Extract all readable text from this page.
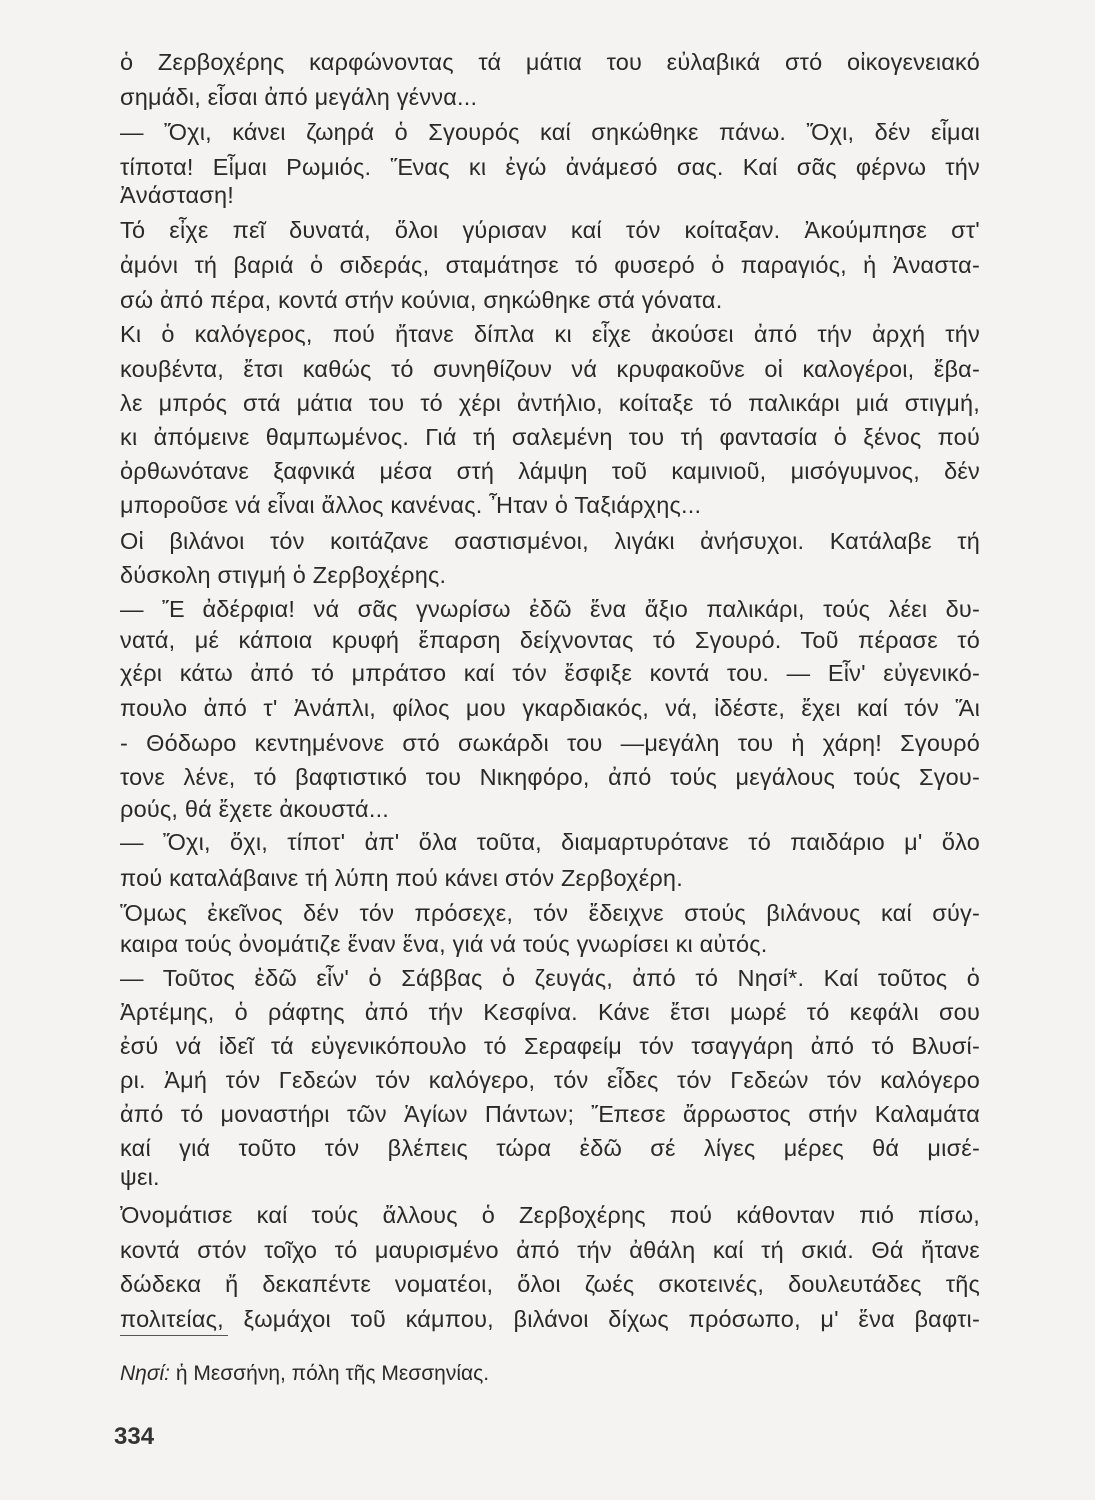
ὁ Ζερβοχέρης καρφώνοντας τά μάτια του εὐλαβικά στό οἰκογενειακό
σημάδι, εἶσαι ἀπό μεγάλη γέννα...
— Ὄχι, κάνει ζωηρά ὁ Σγουρός καί σηκώθηκε πάνω. Ὄχι, δέν εἶμαι
τίποτα! Εἶμαι Ρωμιός. Ἕνας κι ἐγώ ἀνάμεσό σας. Καί σᾶς φέρνω τήν
Ἀνάσταση!
Τό εἶχε πεῖ δυνατά, ὅλοι γύρισαν καί τόν κοίταξαν. Ἀκούμπησε στ'
ἀμόνι τή βαριά ὁ σιδεράς, σταμάτησε τό φυσερό ὁ παραγιός, ἡ Ἀναστα-
σώ ἀπό πέρα, κοντά στήν κούνια, σηκώθηκε στά γόνατα.
Κι ὁ καλόγερος, πού ἤτανε δίπλα κι εἶχε ἀκούσει ἀπό τήν ἀρχή τήν
κουβέντα, ἔτσι καθώς τό συνηθίζουν νά κρυφακοῦνε οἱ καλογέροι, ἔβα-
λε μπρός στά μάτια του τό χέρι ἀντήλιο, κοίταξε τό παλικάρι μιά στιγμή,
κι ἀπόμεινε θαμπωμένος. Γιά τή σαλεμένη του τή φαντασία ὁ ξένος πού
ὀρθωνότανε ξαφνικά μέσα στή λάμψη τοῦ καμινιοῦ, μισόγυμνος, δέν
μποροῦσε νά εἶναι ἄλλος κανένας. Ἦταν ὁ Ταξιάρχης...
Οἱ βιλάνοι τόν κοιτάζανε σαστισμένοι, λιγάκι ἀνήσυχοι. Κατάλαβε τή
δύσκολη στιγμή ὁ Ζερβοχέρης.
— Ἔ ἀδέρφια! νά σᾶς γνωρίσω ἐδῶ ἕνα ἄξιο παλικάρι, τούς λέει δυ-
νατά, μέ κάποια κρυφή ἔπαρση δείχνοντας τό Σγουρό. Τοῦ πέρασε τό
χέρι κάτω ἀπό τό μπράτσο καί τόν ἔσφιξε κοντά του. — Εἶν' εὐγενικό-
πουλο ἀπό τ' Ἀνάπλι, φίλος μου γκαρδιακός, νά, ἰδέστε, ἔχει καί τόν Ἅι
- Θόδωρο κεντημένονε στό σωκάρδι του —μεγάλη του ἡ χάρη! Σγουρό
τονε λένε, τό βαφτιστικό του Νικηφόρο, ἀπό τούς μεγάλους τούς Σγου-
ρούς, θά ἔχετε ἀκουστά...
— Ὄχι, ὄχι, τίποτ' ἀπ' ὅλα τοῦτα, διαμαρτυρότανε τό παιδάριο μ' ὅλο
πού καταλάβαινε τή λύπη πού κάνει στόν Ζερβοχέρη.
Ὅμως ἐκεῖνος δέν τόν πρόσεχε, τόν ἔδειχνε στούς βιλάνους καί σύγ-
καιρα τούς ὀνομάτιζε ἕναν ἕνα, γιά νά τούς γνωρίσει κι αὐτός.
— Τοῦτος ἐδῶ εἶν' ὁ Σάββας ὁ ζευγάς, ἀπό τό Νησί*. Καί τοῦτος ὁ
Ἀρτέμης, ὁ ράφτης ἀπό τήν Κεσφίνα. Κάνε ἔτσι μωρέ τό κεφάλι σου
ἐσύ νά ἰδεῖ τά εὐγενικόπουλο τό Σεραφείμ τόν τσαγγάρη ἀπό τό Βλυσί-
ρι. Ἀμή τόν Γεδεών τόν καλόγερο, τόν εἶδες τόν Γεδεών τόν καλόγερο
ἀπό τό μοναστήρι τῶν Ἁγίων Πάντων; Ἔπεσε ἄρρωστος στήν Καλαμάτα
καί γιά τοῦτο τόν βλέπεις τώρα ἐδῶ σέ λίγες μέρες θά μισέ-
ψει.
Ὀνομάτισε καί τούς ἄλλους ὁ Ζερβοχέρης πού κάθονταν πιό πίσω,
κοντά στόν τοῖχο τό μαυρισμένο ἀπό τήν ἀθάλη καί τή σκιά. Θά ἤτανε
δώδεκα ἤ δεκαπέντε νοματέοι, ὅλοι ζωές σκοτεινές, δουλευτάδες τῆς
πολιτείας, ξωμάχοι τοῦ κάμπου, βιλάνοι δίχως πρόσωπο, μ' ἕνα βαφτι-
Νησί: ἡ Μεσσήνη, πόλη τῆς Μεσσηνίας.
334
